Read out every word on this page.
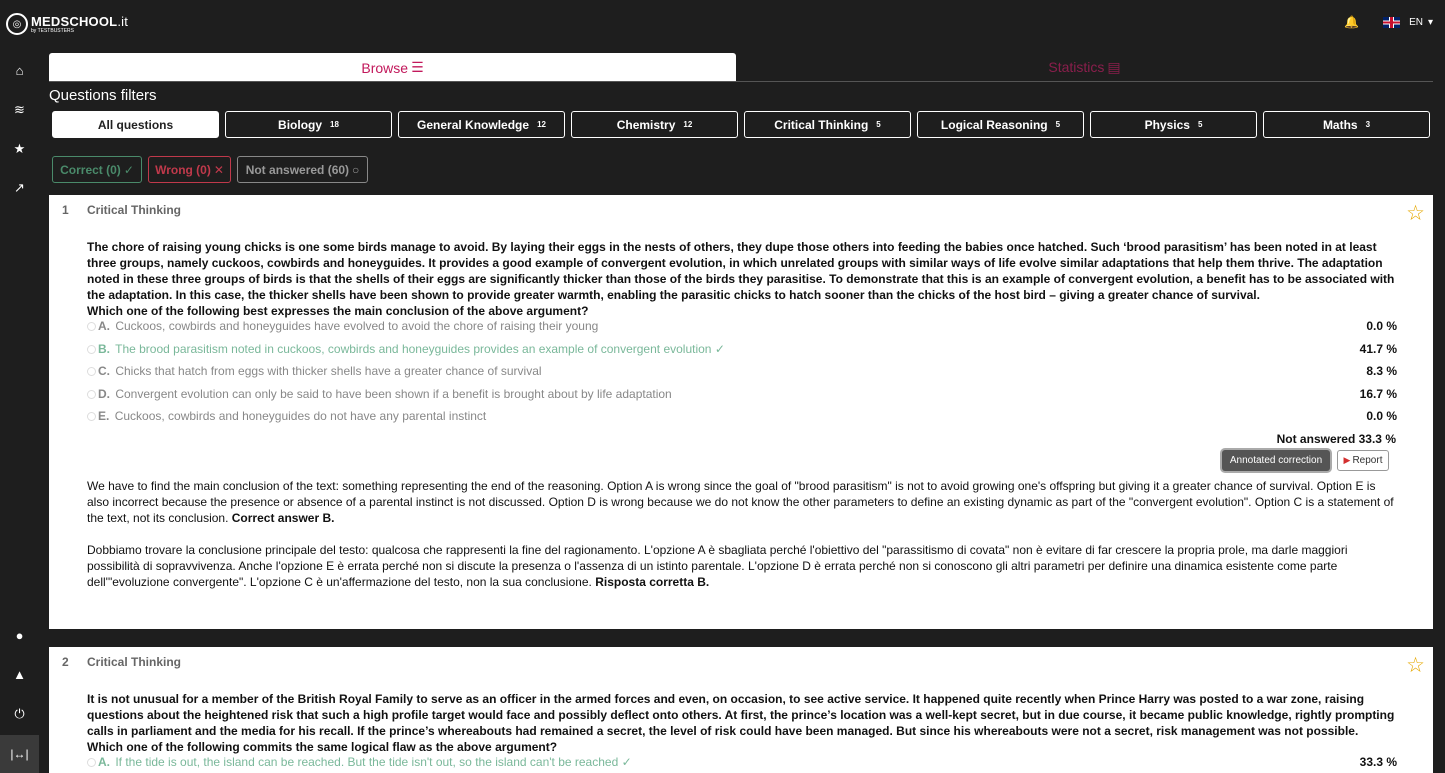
◎ MEDSCHOOL.it
by TESTBUSTERS
🔔	EN ▾
⌂
≋
★
↗
●
▲
⏻
|↔|
Browse ☰	Statistics ▤
Questions filters
All questions	Biology 18	General Knowledge 12	Chemistry 12	Critical Thinking 5	Logical Reasoning 5	Physics 5	Maths 3
Correct (0) ✓ Wrong (0) ✕ Not answered (60) ○
1 Critical Thinking	☆
The chore of raising young chicks is one some birds manage to avoid. By laying their eggs in the nests of others, they dupe those others into feeding the babies once hatched. Such ‘brood parasitism’ has been noted in at least three groups, namely cuckoos, cowbirds and honeyguides. It provides a good example of convergent evolution, in which unrelated groups with similar ways of life evolve similar adaptations that help them thrive. The adaptation noted in these three groups of birds is that the shells of their eggs are significantly thicker than those of the birds they parasitise. To demonstrate that this is an example of convergent evolution, a benefit has to be associated with the adaptation. In this case, the thicker shells have been shown to provide greater warmth, enabling the parasitic chicks to hatch sooner than the chicks of the host bird – giving a greater chance of survival.
Which one of the following best expresses the main conclusion of the above argument?
A. Cuckoos, cowbirds and honeyguides have evolved to avoid the chore of raising their young	0.0 %
B. The brood parasitism noted in cuckoos, cowbirds and honeyguides provides an example of convergent evolution ✓	41.7 %
C. Chicks that hatch from eggs with thicker shells have a greater chance of survival	8.3 %
D. Convergent evolution can only be said to have been shown if a benefit is brought about by life adaptation	16.7 %
E. Cuckoos, cowbirds and honeyguides do not have any parental instinct	0.0 %
Not answered 33.3 %
Annotated correction	▶ Report
We have to find the main conclusion of the text: something representing the end of the reasoning. Option A is wrong since the goal of "brood parasitism" is not to avoid growing one's offspring but giving it a greater chance of survival. Option E is also incorrect because the presence or absence of a parental instinct is not discussed. Option D is wrong because we do not know the other parameters to define an existing dynamic as part of the "convergent evolution". Option C is a statement of the text, not its conclusion. Correct answer B.
Dobbiamo trovare la conclusione principale del testo: qualcosa che rappresenti la fine del ragionamento. L'opzione A è sbagliata perché l'obiettivo del "parassitismo di covata" non è evitare di far crescere la propria prole, ma darle maggiori possibilità di sopravvivenza. Anche l'opzione E è errata perché non si discute la presenza o l'assenza di un istinto parentale. L'opzione D è errata perché non si conoscono gli altri parametri per definire una dinamica esistente come parte dell'"evoluzione convergente". L'opzione C è un'affermazione del testo, non la sua conclusione. Risposta corretta B.
2 Critical Thinking	☆
It is not unusual for a member of the British Royal Family to serve as an officer in the armed forces and even, on occasion, to see active service. It happened quite recently when Prince Harry was posted to a war zone, raising questions about the heightened risk that such a high profile target would face and possibly deflect onto others. At first, the prince’s location was a well-kept secret, but in due course, it became public knowledge, rightly prompting calls in parliament and the media for his recall. If the prince’s whereabouts had remained a secret, the level of risk could have been managed. But since his whereabouts were not a secret, risk management was not possible.
Which one of the following commits the same logical flaw as the above argument?
A. If the tide is out, the island can be reached. But the tide isn't out, so the island can't be reached ✓	33.3 %
